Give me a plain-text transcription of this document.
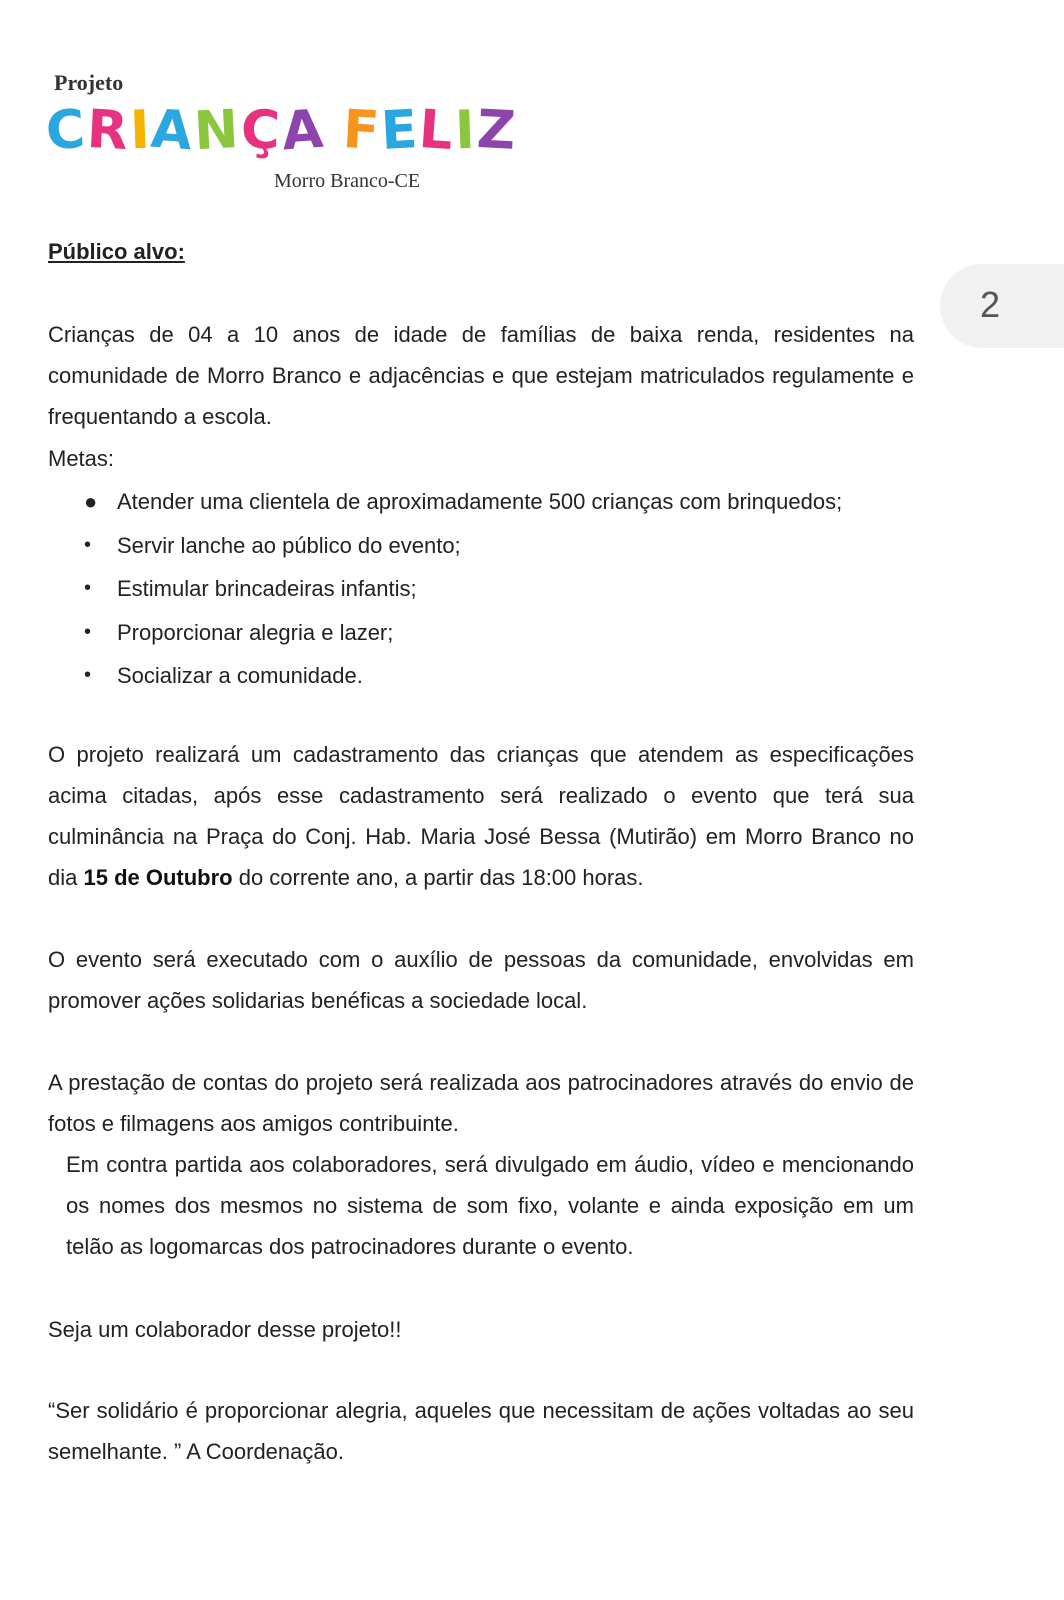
Projeto
CRIANÇA FELIZ
Morro Branco-CE
2
Público alvo:

Crianças de 04 a 10 anos de idade de famílias de baixa renda, residentes na comunidade de Morro Branco e adjacências e que estejam matriculados regulamente e frequentando a escola.

Metas:
● Atender uma clientela de aproximadamente 500 crianças com brinquedos;
• Servir lanche ao público do evento;
• Estimular brincadeiras infantis;
• Proporcionar alegria e lazer;
• Socializar a comunidade.

O projeto realizará um cadastramento das crianças que atendem as especificações acima citadas, após esse cadastramento será realizado o evento que terá sua culminância na Praça do Conj. Hab. Maria José Bessa (Mutirão) em Morro Branco no dia 15 de Outubro do corrente ano, a partir das 18:00 horas.

O evento será executado com o auxílio de pessoas da comunidade, envolvidas em promover ações solidarias benéficas a sociedade local.

A prestação de contas do projeto será realizada aos patrocinadores através do envio de fotos e filmagens aos amigos contribuinte.

Em contra partida aos colaboradores, será divulgado em áudio, vídeo e mencionando os nomes dos mesmos no sistema de som fixo, volante e ainda exposição em um telão as logomarcas dos patrocinadores durante o evento.

Seja um colaborador desse projeto!!

“Ser solidário é proporcionar alegria, aqueles que necessitam de ações voltadas ao seu semelhante. ” A Coordenação.
